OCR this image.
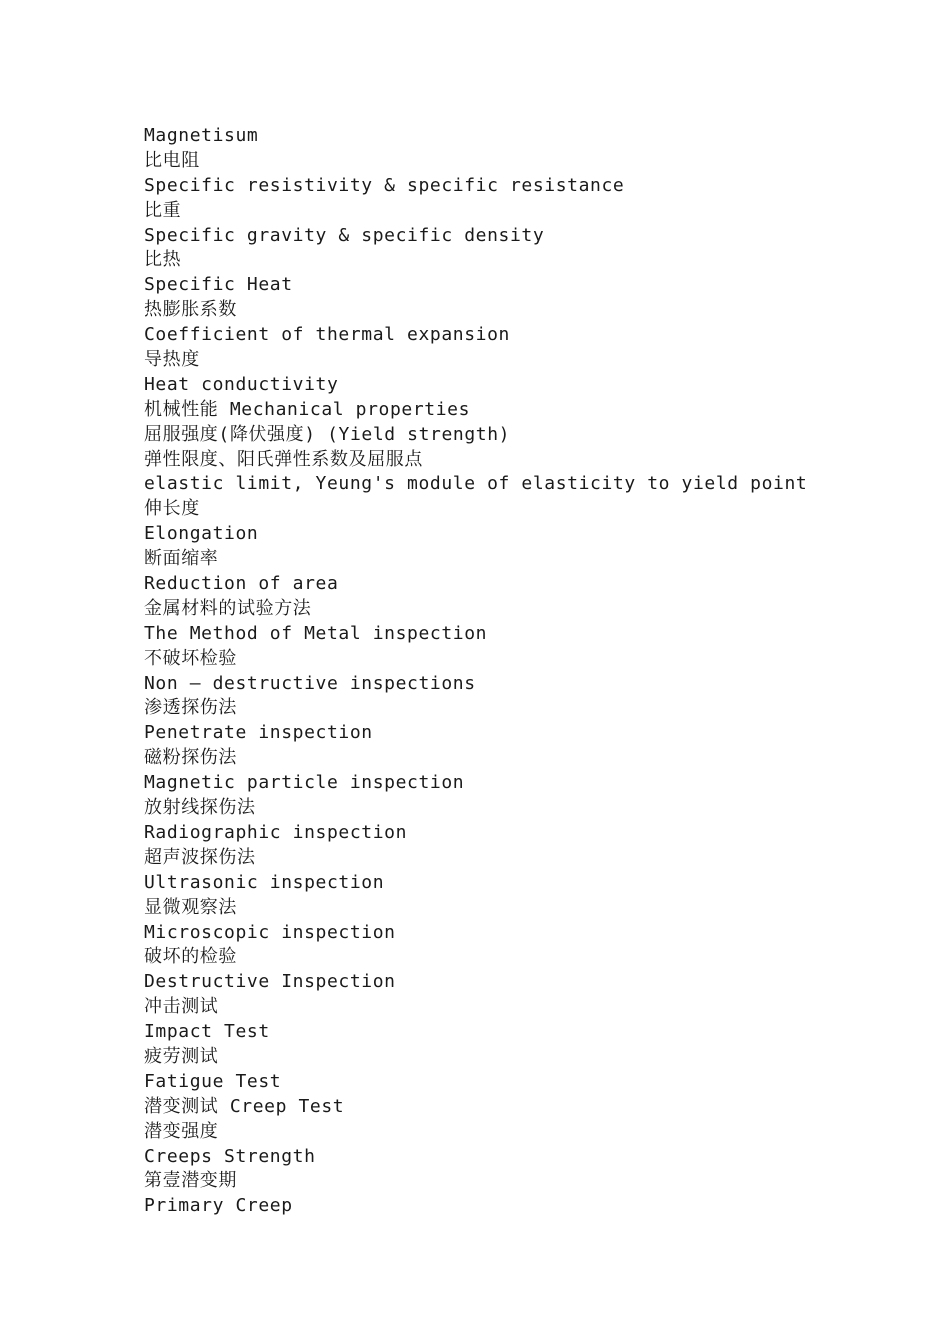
Magnetisum
比电阻
Specific resistivity & specific resistance
比重
Specific gravity & specific density
比热
Specific Heat
热膨胀系数
Coefficient of thermal expansion
导热度
Heat conductivity
机械性能 Mechanical properties
屈服强度(降伏强度) (Yield strength)
弹性限度、阳氏弹性系数及屈服点
elastic limit, Yeung's module of elasticity to yield point
伸长度
Elongation
断面缩率
Reduction of area
金属材料的试验方法
The Method of Metal inspection
不破坏检验
Non – destructive inspections
渗透探伤法
Penetrate inspection
磁粉探伤法
Magnetic particle inspection
放射线探伤法
Radiographic inspection
超声波探伤法
Ultrasonic inspection
显微观察法
Microscopic inspection
破坏的检验
Destructive Inspection
冲击测试
Impact Test
疲劳测试
Fatigue Test
潜变测试 Creep Test
潜变强度
Creeps Strength
第壹潜变期
Primary Creep
